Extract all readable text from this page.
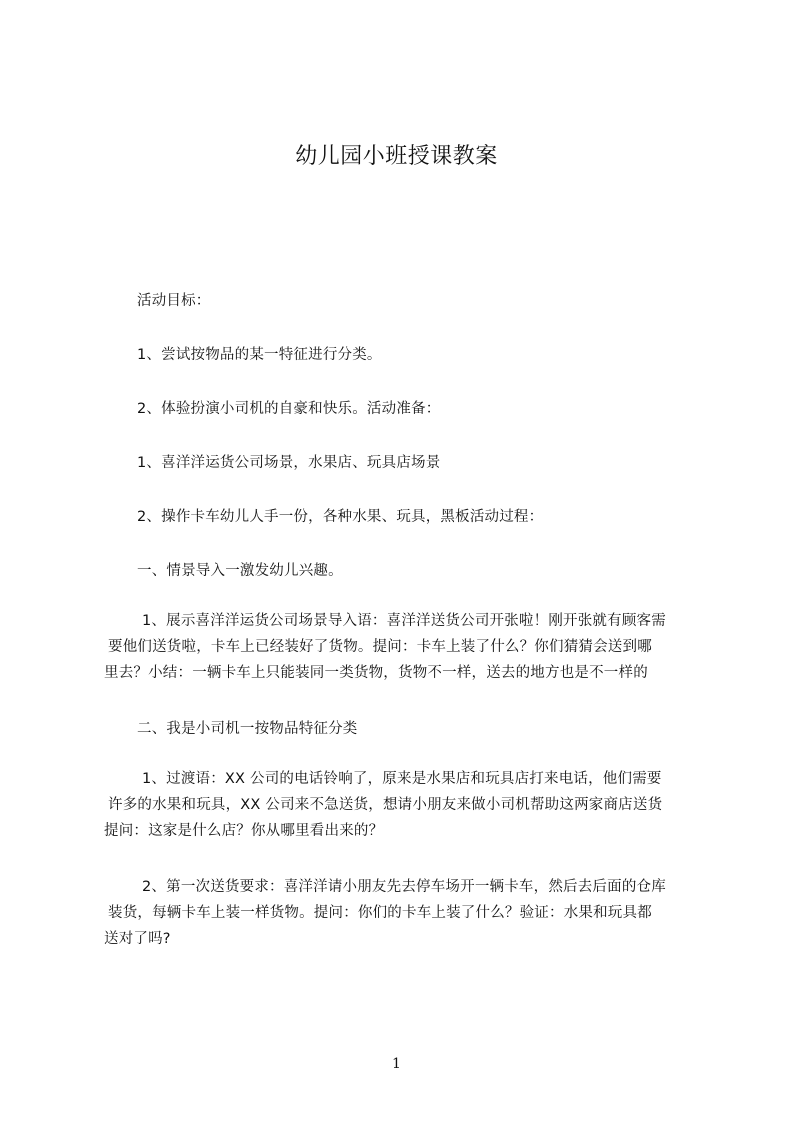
幼儿园小班授课教案
活动目标：
1、尝试按物品的某一特征进行分类。
2、体验扮演小司机的自豪和快乐。活动准备：
1、喜洋洋运货公司场景，水果店、玩具店场景
2、操作卡车幼儿人手一份，各种水果、玩具，黑板活动过程：
一、情景导入一激发幼儿兴趣。
1、展示喜洋洋运货公司场景导入语：喜洋洋送货公司开张啦！刚开张就有顾客需
要他们送货啦，卡车上已经装好了货物。提问：卡车上装了什么？你们猜猜会送到哪
里去？小结：一辆卡车上只能装同一类货物，货物不一样，送去的地方也是不一样的
二、我是小司机一按物品特征分类
1、过渡语：XX 公司的电话铃响了，原来是水果店和玩具店打来电话，他们需要
许多的水果和玩具，XX 公司来不急送货，想请小朋友来做小司机帮助这两家商店送货
提问：这家是什么店？你从哪里看出来的？
2、第一次送货要求：喜洋洋请小朋友先去停车场开一辆卡车，然后去后面的仓库
装货，每辆卡车上装一样货物。提问：你们的卡车上装了什么？验证：水果和玩具都
送对了吗?
1
